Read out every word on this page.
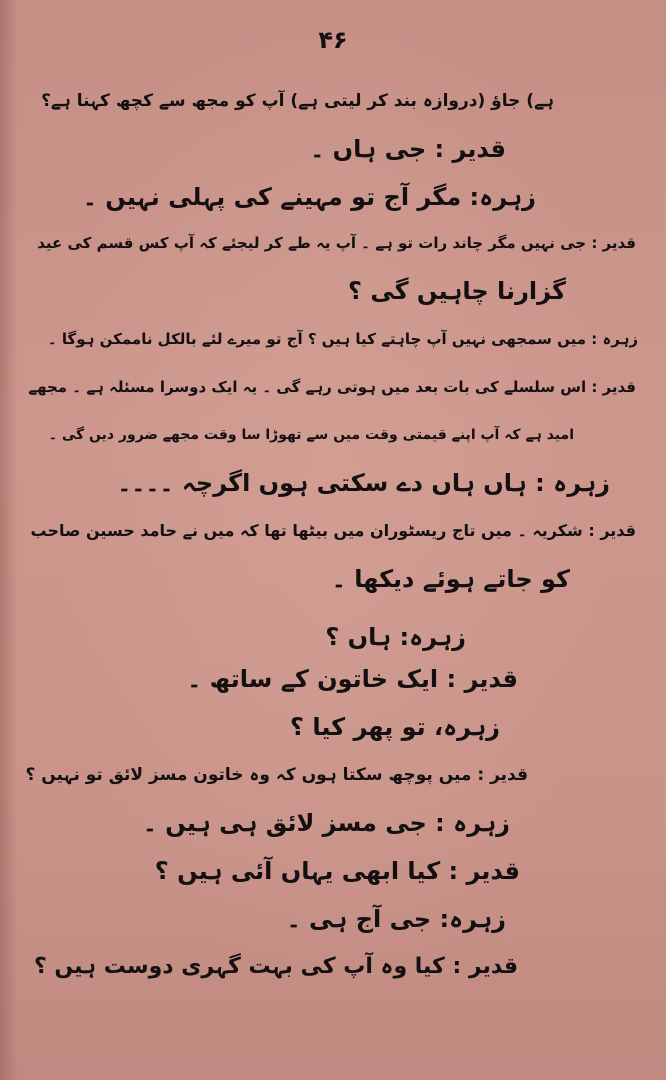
۴۶
ہے) جاؤ (دروازہ بند کر لیتی ہے) آپ کو مجھ سے کچھ کہنا ہے؟
قدیر : جی ہاں ۔
زہرہ: مگر آج تو مہینے کی پہلی نہیں ۔
قدیر : جی نہیں مگر چاند رات تو ہے ۔ آپ یہ طے کر لیجئے کہ آپ کس قسم کی عید
گزارنا چاہیں گی ؟
زہرہ : میں سمجھی نہیں آپ چاہتے کیا ہیں ؟ آج تو میرے لئے بالکل ناممکن ہوگا ۔
قدیر : اس سلسلے کی بات بعد میں ہوتی رہے گی ۔ یہ ایک دوسرا مسئلہ ہے ۔ مجھے
امید ہے کہ آپ اپنے قیمتی وقت میں سے تھوڑا سا وقت مجھے ضرور دیں گی ۔
زہرہ : ہاں ہاں دے سکتی ہوں اگرچہ ۔۔۔۔
قدیر : شکریہ ۔ میں تاج ریسٹوران میں بیٹھا تھا کہ میں نے حامد حسین صاحب
کو جاتے ہوئے دیکھا ۔
زہرہ: ہاں ؟
قدیر : ایک خاتون کے ساتھ ۔
زہرہ، تو پھر کیا ؟
قدیر : میں پوچھ سکتا ہوں کہ وہ خاتون مسز لائق تو نہیں ؟
زہرہ : جی مسز لائق ہی ہیں ۔
قدیر : کیا ابھی یہاں آئی ہیں ؟
زہرہ: جی آج ہی ۔
قدیر : کیا وہ آپ کی بہت گہری دوست ہیں ؟
